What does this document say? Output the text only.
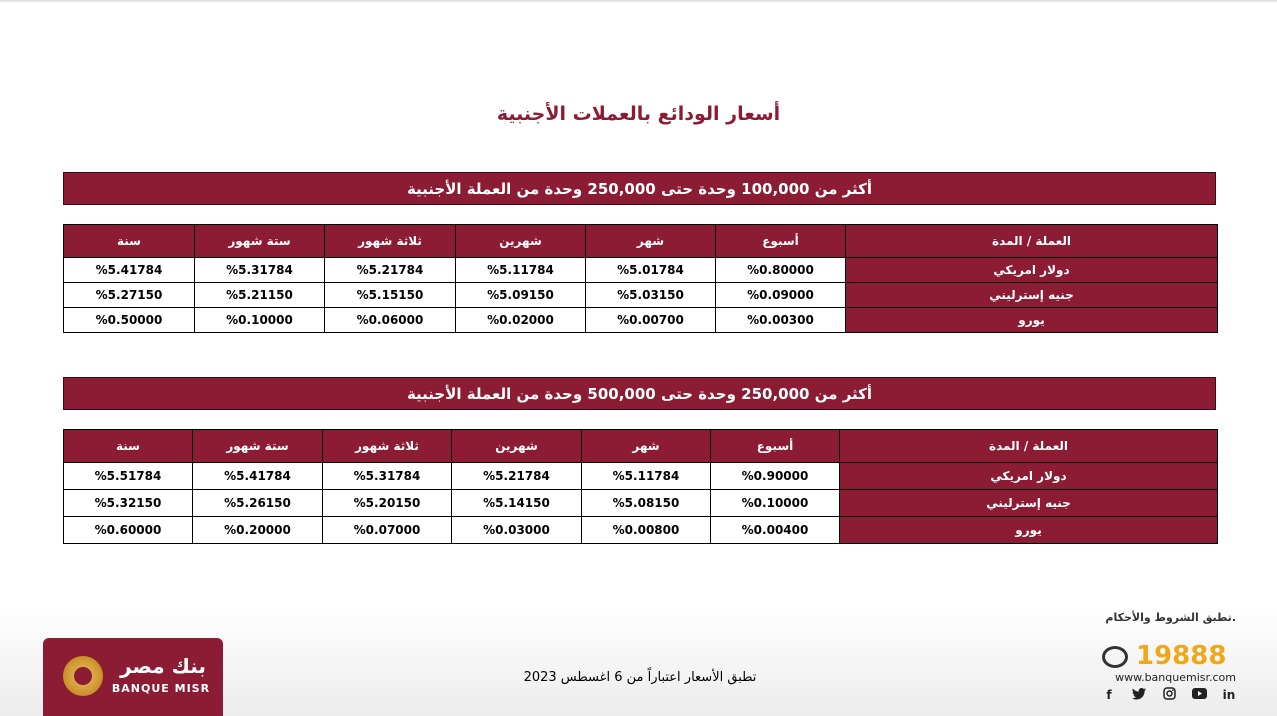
أسعار الودائع بالعملات الأجنبية
أكثر من 100,000 وحدة حتى 250,000 وحدة من العملة الأجنبية
العملة / المدة	أسبوع	شهر	شهرين	ثلاثة شهور	ستة شهور	سنة
دولار امريكي	%0.80000	%5.01784	%5.11784	%5.21784	%5.31784	%5.41784
جنيه إسترليني	%0.09000	%5.03150	%5.09150	%5.15150	%5.21150	%5.27150
يورو	%0.00300	%0.00700	%0.02000	%0.06000	%0.10000	%0.50000
أكثر من 250,000 وحدة حتى 500,000 وحدة من العملة الأجنبية
العملة / المدة	أسبوع	شهر	شهرين	ثلاثة شهور	ستة شهور	سنة
دولار امريكي	%0.90000	%5.11784	%5.21784	%5.31784	%5.41784	%5.51784
جنيه إسترليني	%0.10000	%5.08150	%5.14150	%5.20150	%5.26150	%5.32150
يورو	%0.00400	%0.00800	%0.03000	%0.07000	%0.20000	%0.60000
بنك مصر
BANQUE MISR
تطبق الأسعار اعتباراً من 6 اغسطس 2023
.تطبق الشروط والأحكام
19888
www.banquemisr.com
f	in
